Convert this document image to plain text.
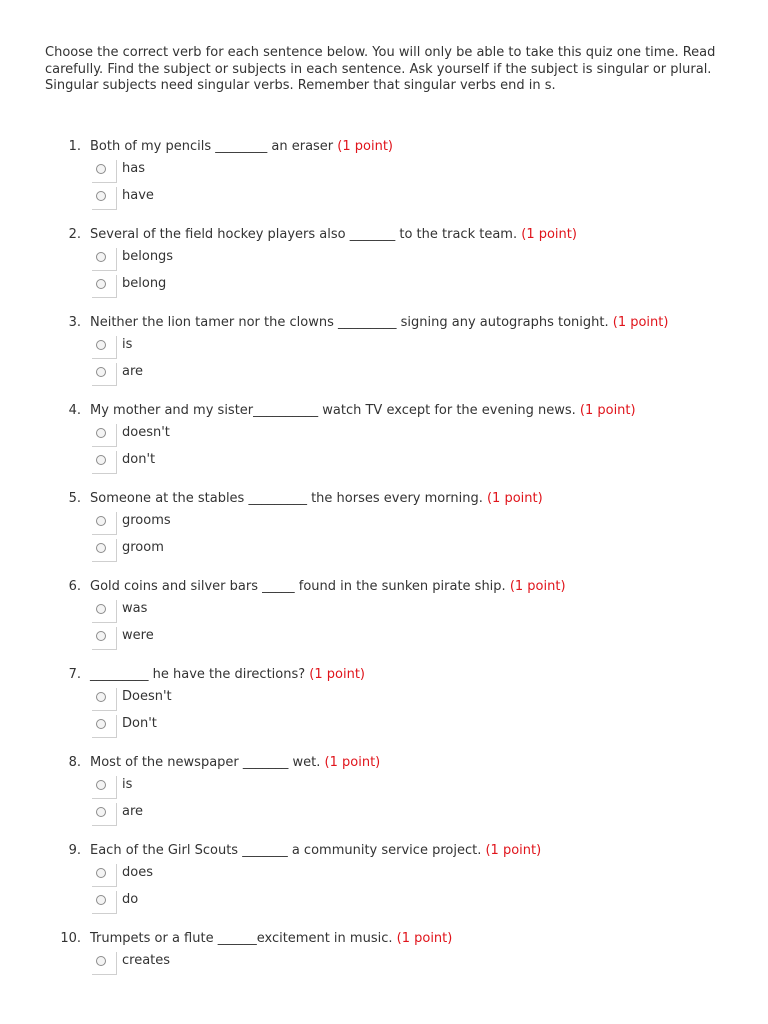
Choose the correct verb for each sentence below. You will only be able to take this quiz one time. Read carefully. Find the subject or subjects in each sentence. Ask yourself if the subject is singular or plural. Singular subjects need singular verbs. Remember that singular verbs end in s.
1. Both of my pencils ________ an eraser (1 point)
has
have
2. Several of the field hockey players also _______ to the track team. (1 point)
belongs
belong
3. Neither the lion tamer nor the clowns _________ signing any autographs tonight. (1 point)
is
are
4. My mother and my sister__________ watch TV except for the evening news. (1 point)
doesn't
don't
5. Someone at the stables _________ the horses every morning. (1 point)
grooms
groom
6. Gold coins and silver bars _____ found in the sunken pirate ship. (1 point)
was
were
7. _________ he have the directions? (1 point)
Doesn't
Don't
8. Most of the newspaper _______ wet. (1 point)
is
are
9. Each of the Girl Scouts _______ a community service project. (1 point)
does
do
10. Trumpets or a flute ______excitement in music. (1 point)
creates
